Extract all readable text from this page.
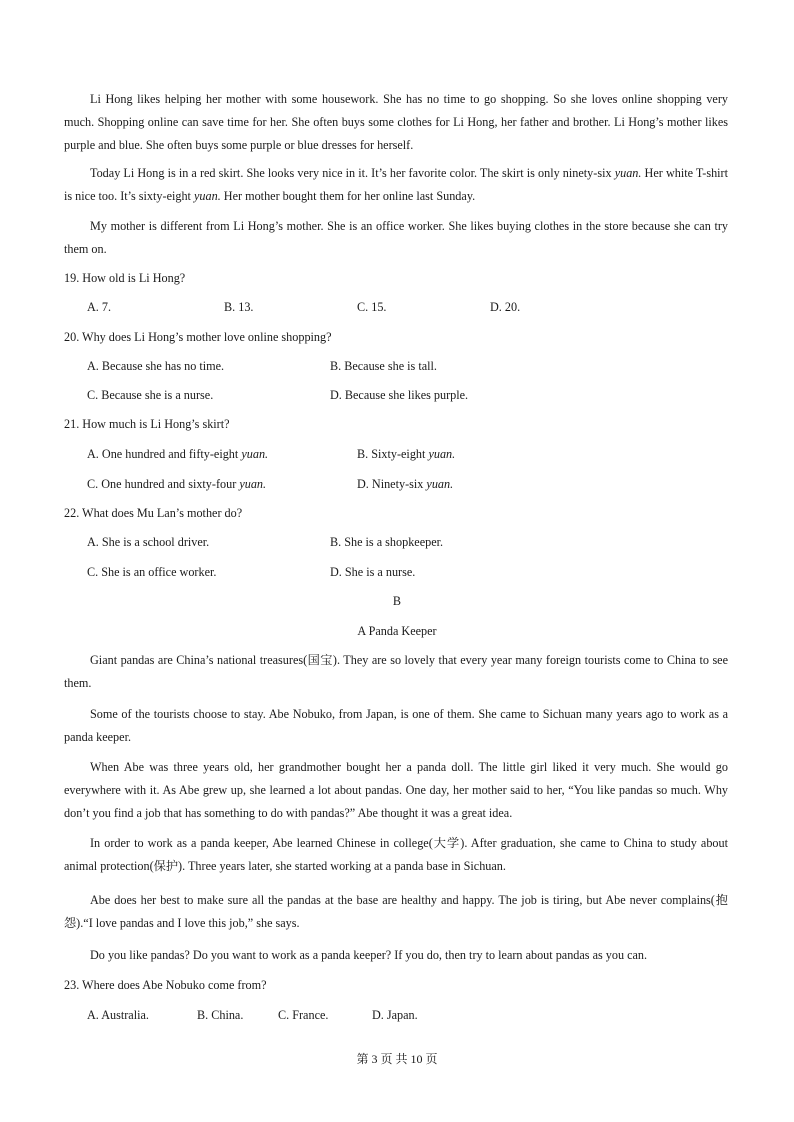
Li Hong likes helping her mother with some housework. She has no time to go shopping. So she loves online shopping very much. Shopping online can save time for her. She often buys some clothes for Li Hong, her father and brother. Li Hong’s mother likes purple and blue. She often buys some purple or blue dresses for herself.
Today Li Hong is in a red skirt. She looks very nice in it. It’s her favorite color. The skirt is only ninety-six yuan. Her white T-shirt is nice too. It’s sixty-eight yuan. Her mother bought them for her online last Sunday.
My mother is different from Li Hong’s mother. She is an office worker. She likes buying clothes in the store because she can try them on.
19. How old is Li Hong?
A. 7.	B. 13.	C. 15.	D. 20.
20. Why does Li Hong’s mother love online shopping?
A. Because she has no time.	B. Because she is tall.
C. Because she is a nurse.	D. Because she likes purple.
21. How much is Li Hong’s skirt?
A. One hundred and fifty-eight yuan.	B. Sixty-eight yuan.
C. One hundred and sixty-four yuan.	D. Ninety-six yuan.
22. What does Mu Lan’s mother do?
A. She is a school driver.	B. She is a shopkeeper.
C. She is an office worker.	D. She is a nurse.
B
A Panda Keeper
Giant pandas are China’s national treasures(国宝). They are so lovely that every year many foreign tourists come to China to see them.
Some of the tourists choose to stay. Abe Nobuko, from Japan, is one of them. She came to Sichuan many years ago to work as a panda keeper.
When Abe was three years old, her grandmother bought her a panda doll. The little girl liked it very much. She would go everywhere with it. As Abe grew up, she learned a lot about pandas. One day, her mother said to her, “You like pandas so much. Why don’t you find a job that has something to do with pandas?” Abe thought it was a great idea.
In order to work as a panda keeper, Abe learned Chinese in college(大学). After graduation, she came to China to study about animal protection(保护). Three years later, she started working at a panda base in Sichuan.
Abe does her best to make sure all the pandas at the base are healthy and happy. The job is tiring, but Abe never complains(抱怨).“I love pandas and I love this job,” she says.
Do you like pandas? Do you want to work as a panda keeper? If you do, then try to learn about pandas as you can.
23. Where does Abe Nobuko come from?
A. Australia.	B. China.	C. France.	D. Japan.
第 3 页 共 10 页
